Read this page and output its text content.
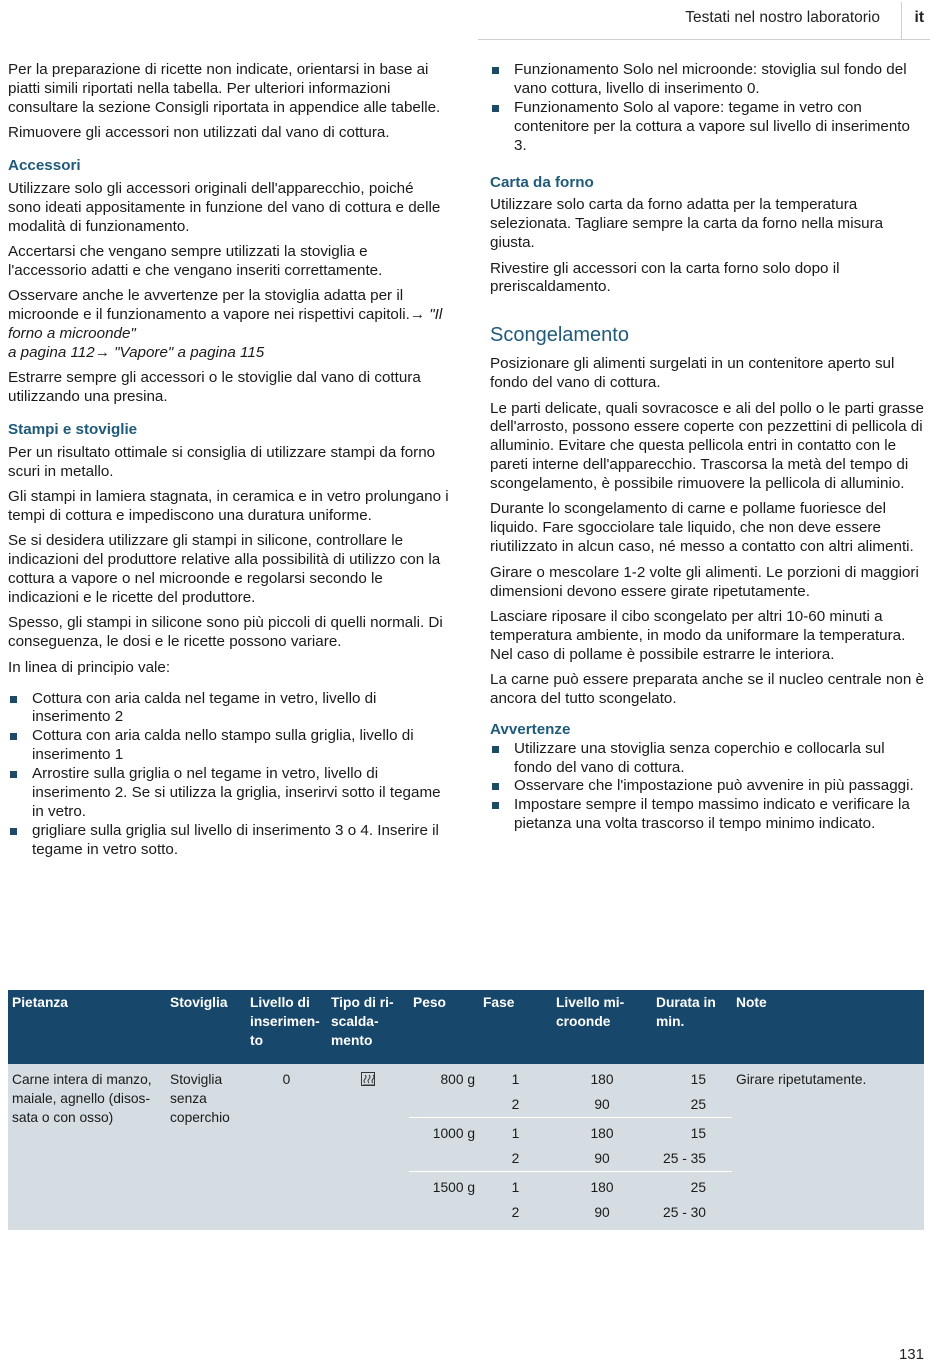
Testati nel nostro laboratorio it

Per la preparazione di ricette non indicate, orientarsi in base ai piatti simili riportati nella tabella. Per ulteriori informazioni consultare la sezione Consigli riportata in appendice alle tabelle.

Rimuovere gli accessori non utilizzati dal vano di cottura.

Accessori

Utilizzare solo gli accessori originali dell'apparecchio, poiché sono ideati appositamente in funzione del vano di cottura e delle modalità di funzionamento.

Accertarsi che vengano sempre utilizzati la stoviglia e l'accessorio adatti e che vengano inseriti correttamente.

Osservare anche le avvertenze per la stoviglia adatta per il microonde e il funzionamento a vapore nei rispettivi capitoli.→ "Il forno a microonde"
a pagina 112→ "Vapore" a pagina 115

Estrarre sempre gli accessori o le stoviglie dal vano di cottura utilizzando una presina.

Stampi e stoviglie

Per un risultato ottimale si consiglia di utilizzare stampi da forno scuri in metallo.

Gli stampi in lamiera stagnata, in ceramica e in vetro prolungano i tempi di cottura e impediscono una duratura uniforme.

Se si desidera utilizzare gli stampi in silicone, controllare le indicazioni del produttore relative alla possibilità di utilizzo con la cottura a vapore o nel microonde e regolarsi secondo le indicazioni e le ricette del produttore.

Spesso, gli stampi in silicone sono più piccoli di quelli normali. Di conseguenza, le dosi e le ricette possono variare.

In linea di principio vale:

Cottura con aria calda nel tegame in vetro, livello di inserimento 2
Cottura con aria calda nello stampo sulla griglia, livello di inserimento 1
Arrostire sulla griglia o nel tegame in vetro, livello di inserimento 2. Se si utilizza la griglia, inserirvi sotto il tegame in vetro.
grigliare sulla griglia sul livello di inserimento 3 o 4. Inserire il tegame in vetro sotto.
Funzionamento Solo nel microonde: stoviglia sul fondo del vano cottura, livello di inserimento 0.
Funzionamento Solo al vapore: tegame in vetro con contenitore per la cottura a vapore sul livello di inserimento 3.
Carta da forno

Utilizzare solo carta da forno adatta per la temperatura selezionata. Tagliare sempre la carta da forno nella misura giusta.

Rivestire gli accessori con la carta forno solo dopo il preriscaldamento.

Scongelamento

Posizionare gli alimenti surgelati in un contenitore aperto sul fondo del vano di cottura.

Le parti delicate, quali sovracosce e ali del pollo o le parti grasse dell'arrosto, possono essere coperte con pezzettini di pellicola di alluminio. Evitare che questa pellicola entri in contatto con le pareti interne dell'apparecchio. Trascorsa la metà del tempo di scongelamento, è possibile rimuovere la pellicola di alluminio.

Durante lo scongelamento di carne e pollame fuoriesce del liquido. Fare sgocciolare tale liquido, che non deve essere riutilizzato in alcun caso, né messo a contatto con altri alimenti.

Girare o mescolare 1-2 volte gli alimenti. Le porzioni di maggiori dimensioni devono essere girate ripetutamente.

Lasciare riposare il cibo scongelato per altri 10-60 minuti a temperatura ambiente, in modo da uniformare la temperatura. Nel caso di pollame è possibile estrarre le interiora.

La carne può essere preparata anche se il nucleo centrale non è ancora del tutto scongelato.

Avvertenze
Utilizzare una stoviglia senza coperchio e collocarla sul fondo del vano di cottura.
Osservare che l'impostazione può avvenire in più passaggi.
Impostare sempre il tempo massimo indicato e verificare la pietanza una volta trascorso il tempo minimo indicato.
Pietanza	Stoviglia	Livello di inserimen-to	Tipo di ri-scalda-mento	Peso	Fase	Livello mi-croonde	Durata in min.	Note
Carne intera di manzo, maiale, agnello (disos-sata o con osso)	Stoviglia senza coperchio	0		800 g	1	180	15	Girare ripetutamente.
					2	90	25	
				1000 g	1	180	15	
					2	90	25 - 35	
				1500 g	1	180	25	
					2	90	25 - 30	
131
